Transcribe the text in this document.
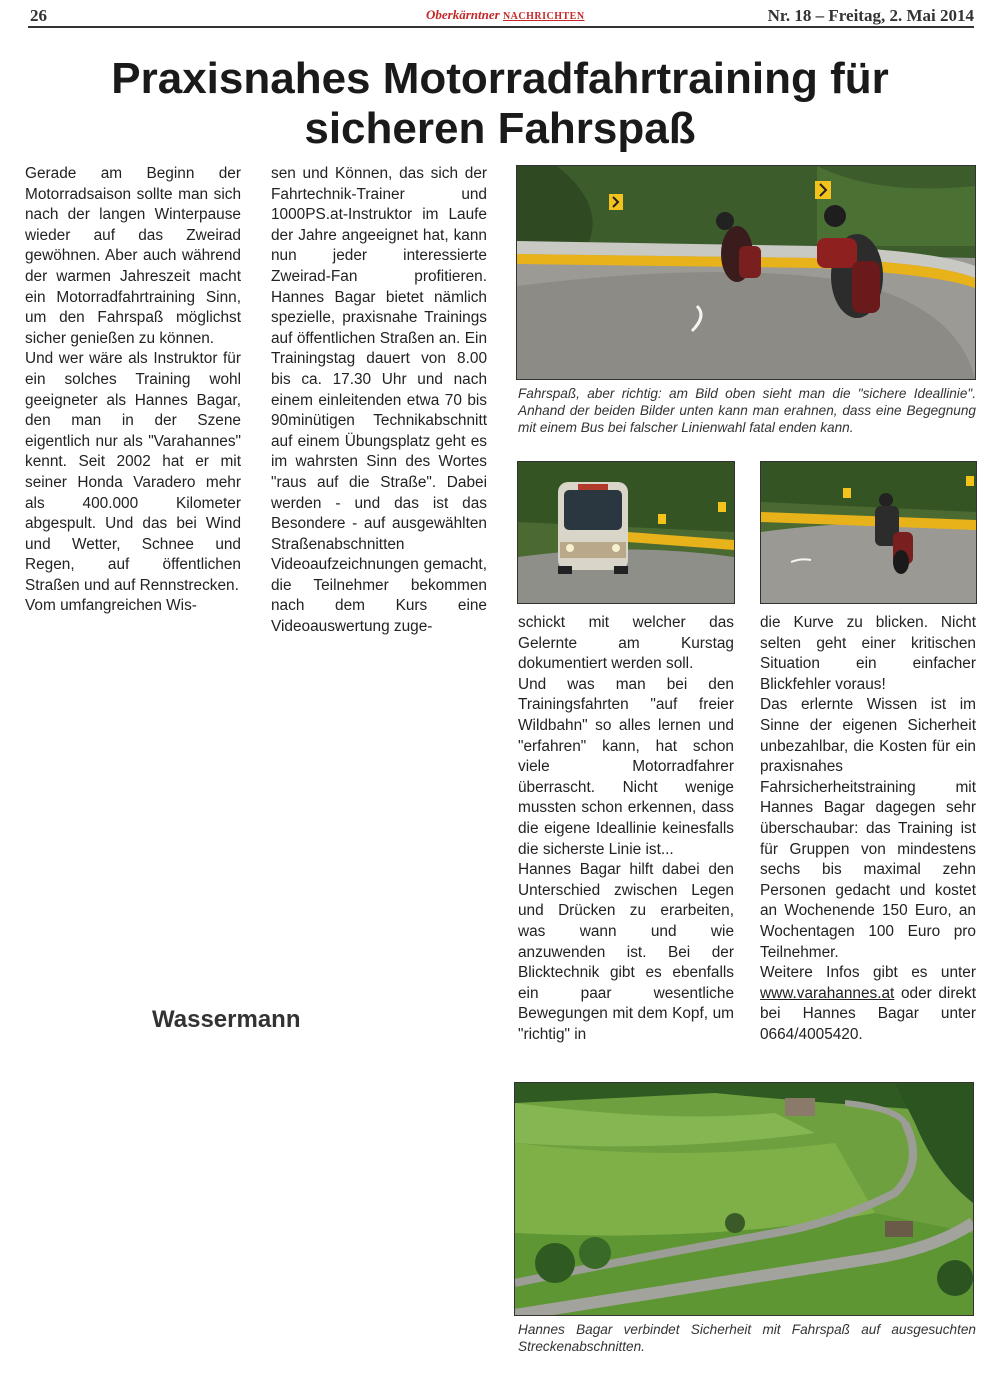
26	Oberkärntner NACHRICHTEN	Nr. 18 – Freitag, 2. Mai 2014
Praxisnahes Motorradfahrtraining für sicheren Fahrspaß

Gerade am Beginn der Motorradsaison sollte man sich nach der langen Winterpause wieder auf das Zweirad gewöhnen. Aber auch während der warmen Jahreszeit macht ein Motorradfahrtraining Sinn, um den Fahrspaß möglichst sicher genießen zu können.

Und wer wäre als Instruktor für ein solches Training wohl geeigneter als Hannes Bagar, den man in der Szene eigentlich nur als "Varahannes" kennt. Seit 2002 hat er mit seiner Honda Varadero mehr als 400.000 Kilometer abgespult. Und das bei Wind und Wetter, Schnee und Regen, auf öffentlichen Straßen und auf Rennstrecken.

Vom umfangreichen Wis-

sen und Können, das sich der Fahrtechnik-Trainer und 1000PS.at-Instruktor im Laufe der Jahre angeeignet hat, kann nun jeder interessierte Zweirad-Fan profitieren. Hannes Bagar bietet nämlich spezielle, praxisnahe Trainings auf öffentlichen Straßen an. Ein Trainingstag dauert von 8.00 bis ca. 17.30 Uhr und nach einem einleitenden etwa 70 bis 90minütigen Technikabschnitt auf einem Übungsplatz geht es im wahrsten Sinn des Wortes "raus auf die Straße". Dabei werden - und das ist das Besondere - auf ausgewählten Straßenabschnitten Videoaufzeichnungen gemacht, die Teilnehmer bekommen nach dem Kurs eine Videoauswertung zuge-

Wassermann
Fahrspaß, aber richtig: am Bild oben sieht man die "sichere Ideallinie". Anhand der beiden Bilder unten kann man erahnen, dass eine Begegnung mit einem Bus bei falscher Linienwahl fatal enden kann.

schickt mit welcher das Gelernte am Kurstag dokumentiert werden soll.

Und was man bei den Trainingsfahrten "auf freier Wildbahn" so alles lernen und "erfahren" kann, hat schon viele Motorradfahrer überrascht. Nicht wenige mussten schon erkennen, dass die eigene Ideallinie keinesfalls die sicherste Linie ist...

Hannes Bagar hilft dabei den Unterschied zwischen Legen und Drücken zu erarbeiten, was wann und wie anzuwenden ist. Bei der Blicktechnik gibt es ebenfalls ein paar wesentliche Bewegungen mit dem Kopf, um "richtig" in

die Kurve zu blicken. Nicht selten geht einer kritischen Situation ein einfacher Blickfehler voraus!

Das erlernte Wissen ist im Sinne der eigenen Sicherheit unbezahlbar, die Kosten für ein praxisnahes Fahrsicherheitstraining mit Hannes Bagar dagegen sehr überschaubar: das Training ist für Gruppen von mindestens sechs bis maximal zehn Personen gedacht und kostet an Wochenende 150 Euro, an Wochentagen 100 Euro pro Teilnehmer.

Weitere Infos gibt es unter www.varahannes.at oder direkt bei Hannes Bagar unter 0664/4005420.

Hannes Bagar verbindet Sicherheit mit Fahrspaß auf ausgesuchten Streckenabschnitten.
